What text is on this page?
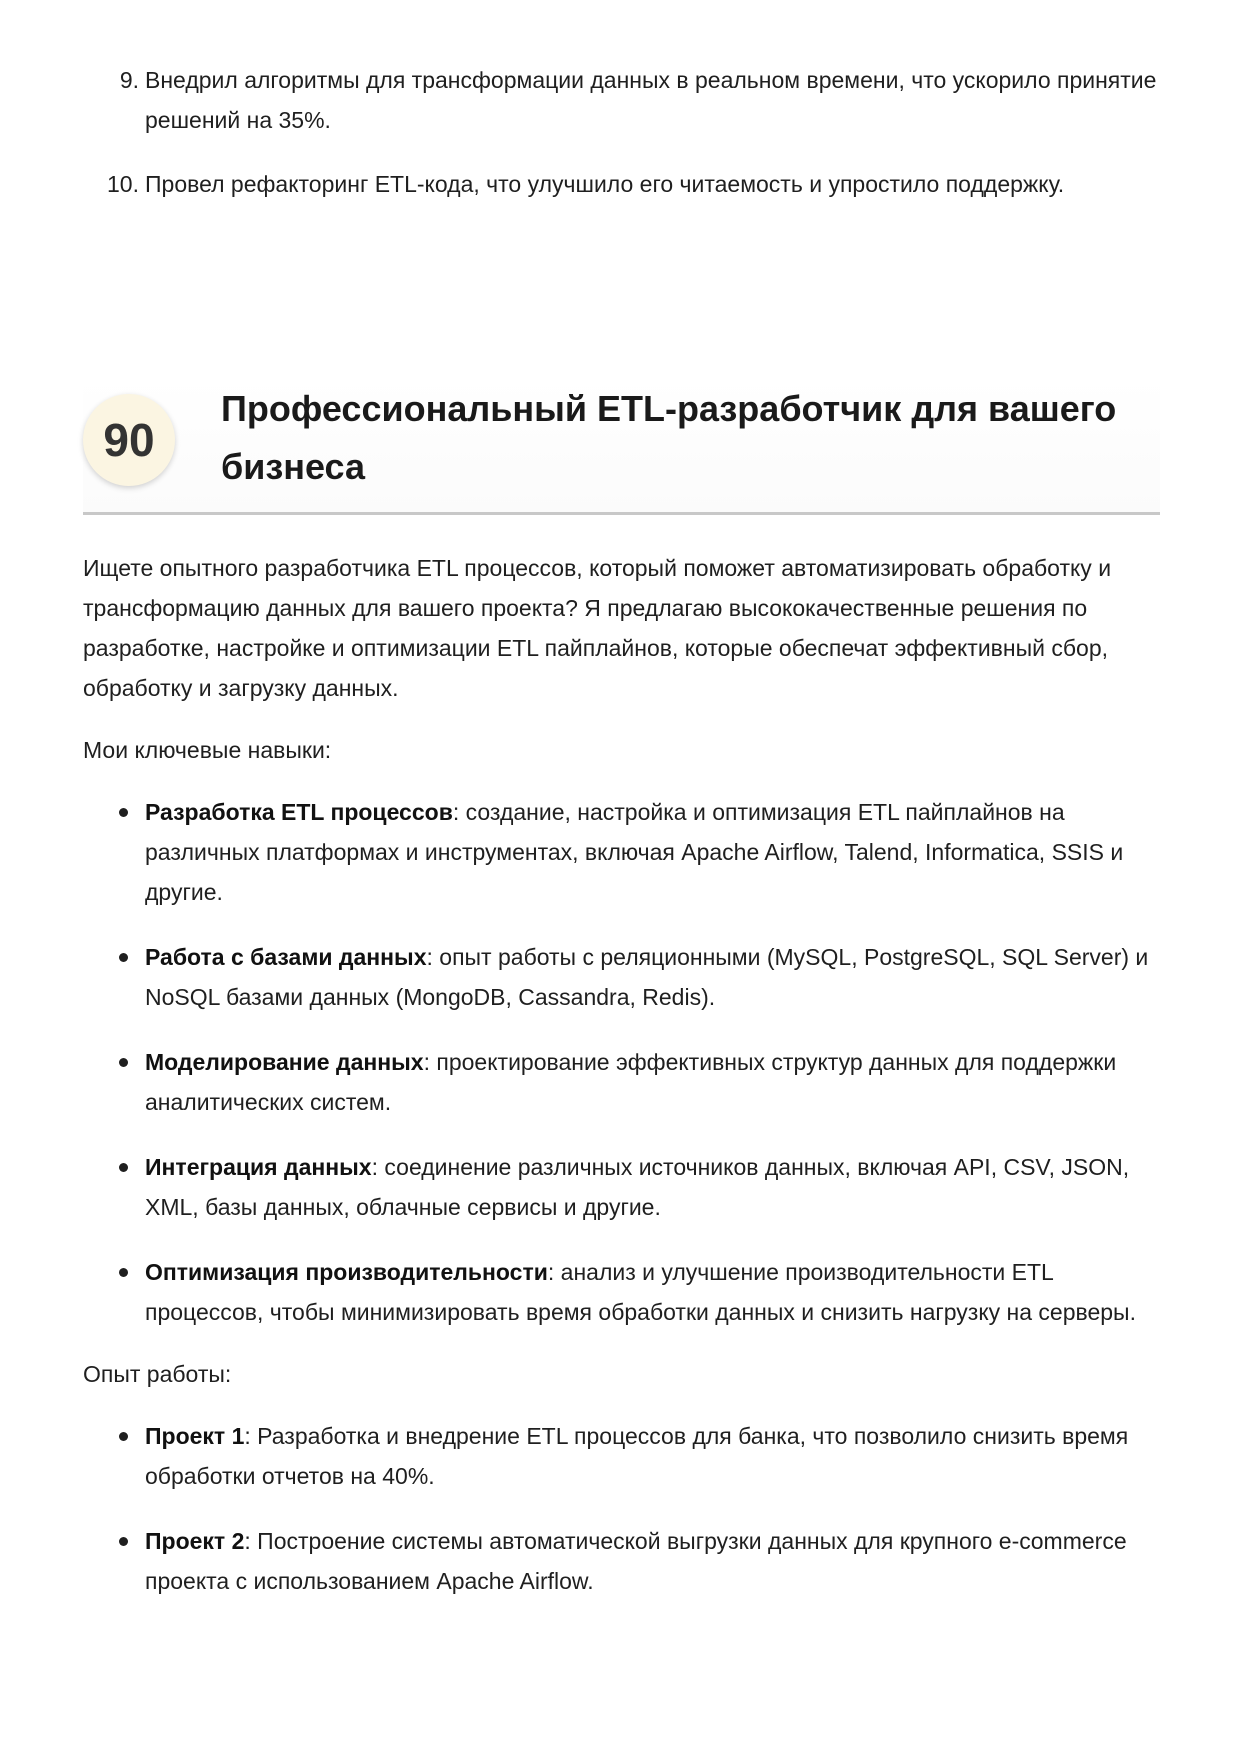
9. Внедрил алгоритмы для трансформации данных в реальном времени, что ускорило принятие решений на 35%.
10. Провел рефакторинг ETL-кода, что улучшило его читаемость и упростило поддержку.
90
Профессиональный ETL-разработчик для вашего бизнеса

Ищете опытного разработчика ETL процессов, который поможет автоматизировать обработку и трансформацию данных для вашего проекта? Я предлагаю высококачественные решения по разработке, настройке и оптимизации ETL пайплайнов, которые обеспечат эффективный сбор, обработку и загрузку данных.

Мои ключевые навыки:

Разработка ETL процессов: создание, настройка и оптимизация ETL пайплайнов на различных платформах и инструментах, включая Apache Airflow, Talend, Informatica, SSIS и другие.
Работа с базами данных: опыт работы с реляционными (MySQL, PostgreSQL, SQL Server) и NoSQL базами данных (MongoDB, Cassandra, Redis).
Моделирование данных: проектирование эффективных структур данных для поддержки аналитических систем.
Интеграция данных: соединение различных источников данных, включая API, CSV, JSON, XML, базы данных, облачные сервисы и другие.
Оптимизация производительности: анализ и улучшение производительности ETL процессов, чтобы минимизировать время обработки данных и снизить нагрузку на серверы.

Опыт работы:

Проект 1: Разработка и внедрение ETL процессов для банка, что позволило снизить время обработки отчетов на 40%.
Проект 2: Построение системы автоматической выгрузки данных для крупного e-commerce проекта с использованием Apache Airflow.
